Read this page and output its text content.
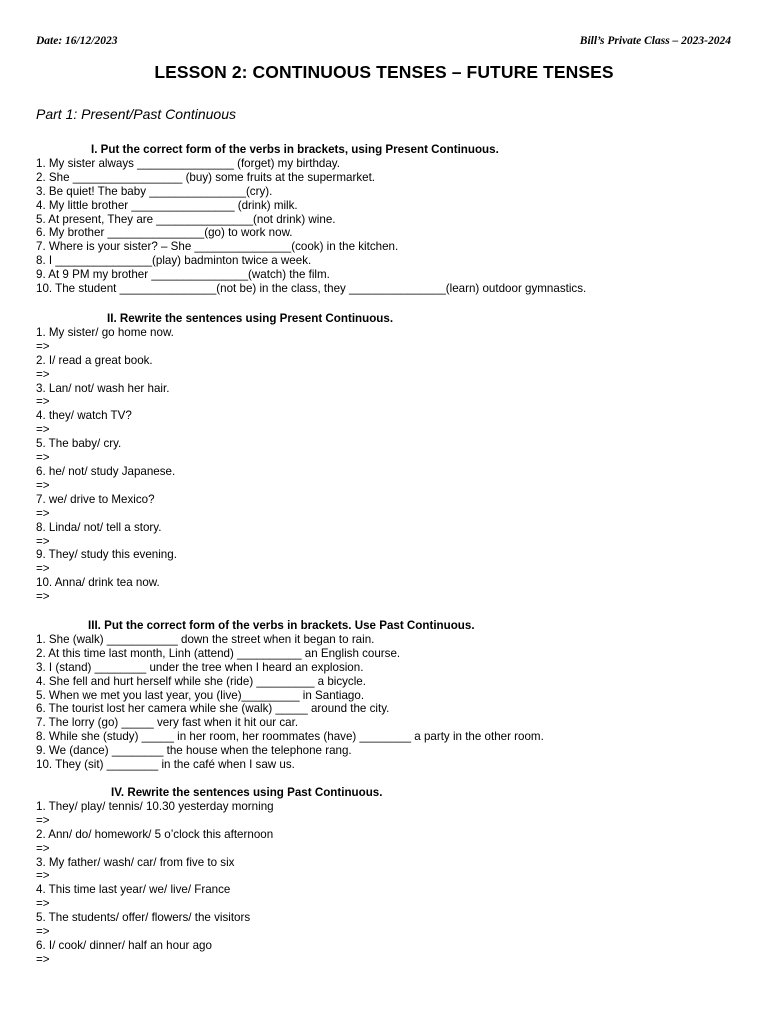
Date: 16/12/2023	Bill’s Private Class – 2023-2024
LESSON 2: CONTINUOUS TENSES – FUTURE TENSES
Part 1: Present/Past Continuous
I. Put the correct form of the verbs in brackets, using Present Continuous.
1. My sister always _______________ (forget) my birthday.
2. She _________________ (buy) some fruits at the supermarket.
3. Be quiet! The baby _______________(cry).
4. My little brother ________________ (drink) milk.
5. At present, They are _______________(not drink) wine.
6. My brother _______________(go) to work now.
7. Where is your sister? – She _______________(cook) in the kitchen.
8. I _______________(play) badminton twice a week.
9. At 9 PM my brother _______________(watch) the film.
10. The student _______________(not be) in the class, they _______________(learn) outdoor gymnastics.
II. Rewrite the sentences using Present Continuous.
1. My sister/ go home now.
=>
2. I/ read a great book.
=>
3. Lan/ not/ wash her hair.
=>
4. they/ watch TV?
=>
5. The baby/ cry.
=>
6. he/ not/ study Japanese.
=>
7. we/ drive to Mexico?
=>
8. Linda/ not/ tell a story.
=>
9. They/ study this evening.
=>
10. Anna/ drink tea now.
=>
III. Put the correct form of the verbs in brackets. Use Past Continuous.
1. She (walk) ___________ down the street when it began to rain.
2. At this time last month, Linh (attend) __________ an English course.
3. I (stand) ________ under the tree when I heard an explosion.
4. She fell and hurt herself while she (ride) _________ a bicycle.
5. When we met you last year, you (live)_________ in Santiago.
6. The tourist lost her camera while she (walk) _____ around the city.
7. The lorry (go) _____ very fast when it hit our car.
8. While she (study) _____ in her room, her roommates (have) ________ a party in the other room.
9. We (dance) ________ the house when the telephone rang.
10. They (sit) ________ in the café when I saw us.
IV. Rewrite the sentences using Past Continuous.
1. They/ play/ tennis/ 10.30 yesterday morning
=>
2. Ann/ do/ homework/ 5 o’clock this afternoon
=>
3. My father/ wash/ car/ from five to six
=>
4. This time last year/ we/ live/ France
=>
5. The students/ offer/ flowers/ the visitors
=>
6. I/ cook/ dinner/ half an hour ago
=>
